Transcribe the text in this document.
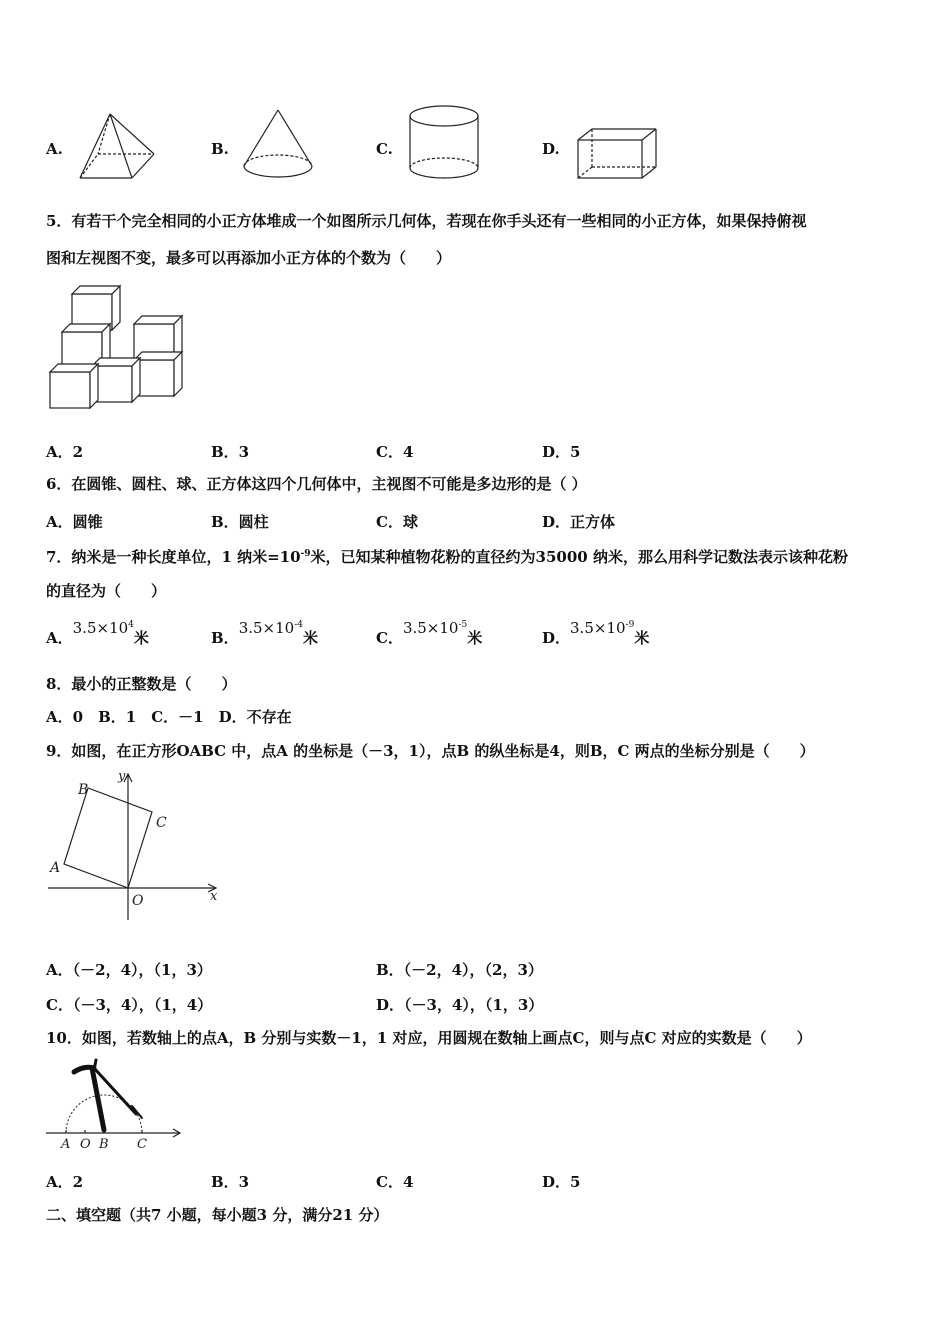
A.	B.	C.	D.
5．有若干个完全相同的小正方体堆成一个如图所示几何体，若现在你手头还有一些相同的小正方体，如果保持俯视
图和左视图不变，最多可以再添加小正方体的个数为（　　）
A．2	B．3	C．4	D．5
6．在圆锥、圆柱、球、正方体这四个几何体中，主视图不可能是多边形的是（ ）
A．圆锥	B．圆柱	C．球	D．正方体
7．纳米是一种长度单位，1 纳米$=10^{-9}$米，已知某种植物花粉的直径约为35000 纳米，那么用科学记数法表示该种花粉
的直径为（　　）
A．$3.5\times 10^4$米	B．$3.5\times 10^{-4}$米	C．$3.5\times 10^{-5}$米	D．$3.5\times 10^{-9}$米
8．最小的正整数是（　　）
A．0　B．1　C．－1　D．不存在
9．如图，在正方形OABC 中，点A 的坐标是（－3，1），点B 的纵坐标是4，则B，C 两点的坐标分别是（　　）
B
y
C
A
O	x
A．（－2，4），（1，3）	B．（－2，4），（2，3）
C．（－3，4），（1，4）	D．（－3，4），（1，3）
10．如图，若数轴上的点A，B 分别与实数－1，1 对应，用圆规在数轴上画点C，则与点C 对应的实数是（　　）
A O B C
A．2	B．3	C．4	D．5
二、填空题（共7 小题，每小题3 分，满分21 分）
